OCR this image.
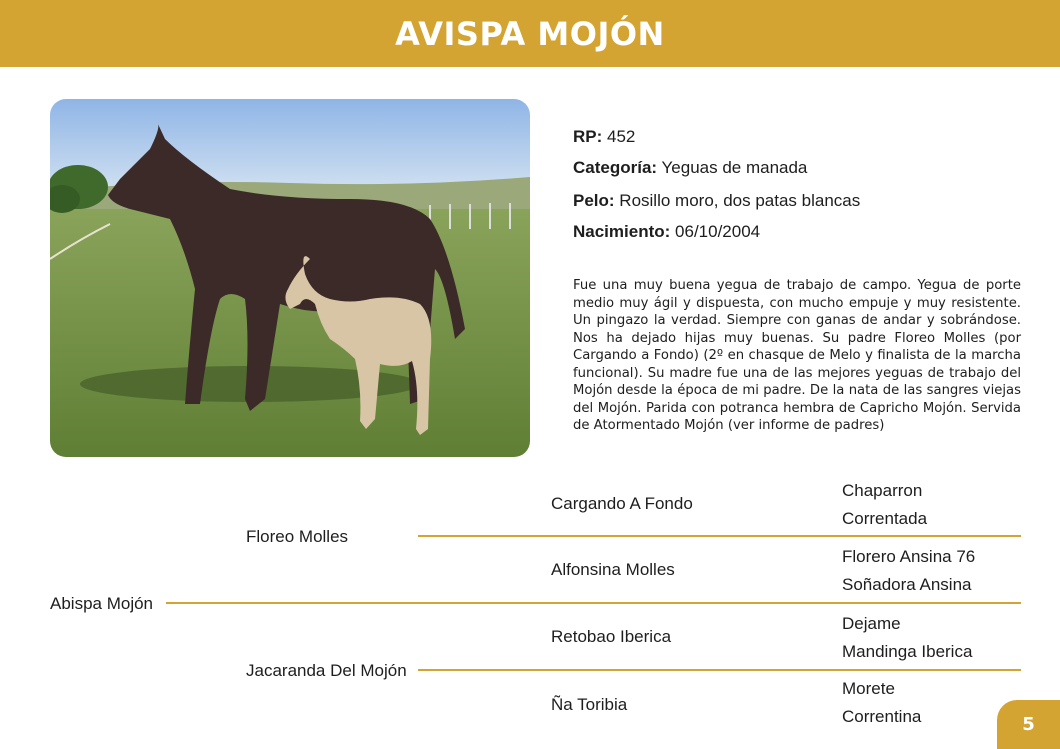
AVISPA MOJÓN
RP: 452
Categoría: Yeguas de manada
Pelo: Rosillo moro, dos patas blancas
Nacimiento: 06/10/2004

Fue una muy buena yegua de trabajo de campo. Yegua de porte medio muy ágil y dispuesta, con mucho empuje y muy resistente. Un pingazo la verdad. Siempre con ganas de andar y sobrándose. Nos ha dejado hijas muy buenas. Su padre Floreo Molles (por Cargando a Fondo) (2º en chasque de Melo y finalista de la marcha funcional). Su madre fue una de las mejores yeguas de trabajo del Mojón desde la época de mi padre. De la nata de las sangres viejas del Mojón. Parida con potranca hembra de Capricho Mojón. Servida de Atormentado Mojón (ver informe de padres)

Abispa Mojón
Floreo Molles
Jacaranda Del Mojón
Cargando A Fondo
Alfonsina Molles
Retobao Iberica
Ña Toribia
Chaparron
Correntada
Florero Ansina 76
Soñadora Ansina
Dejame
Mandinga Iberica
Morete
Correntina	5
